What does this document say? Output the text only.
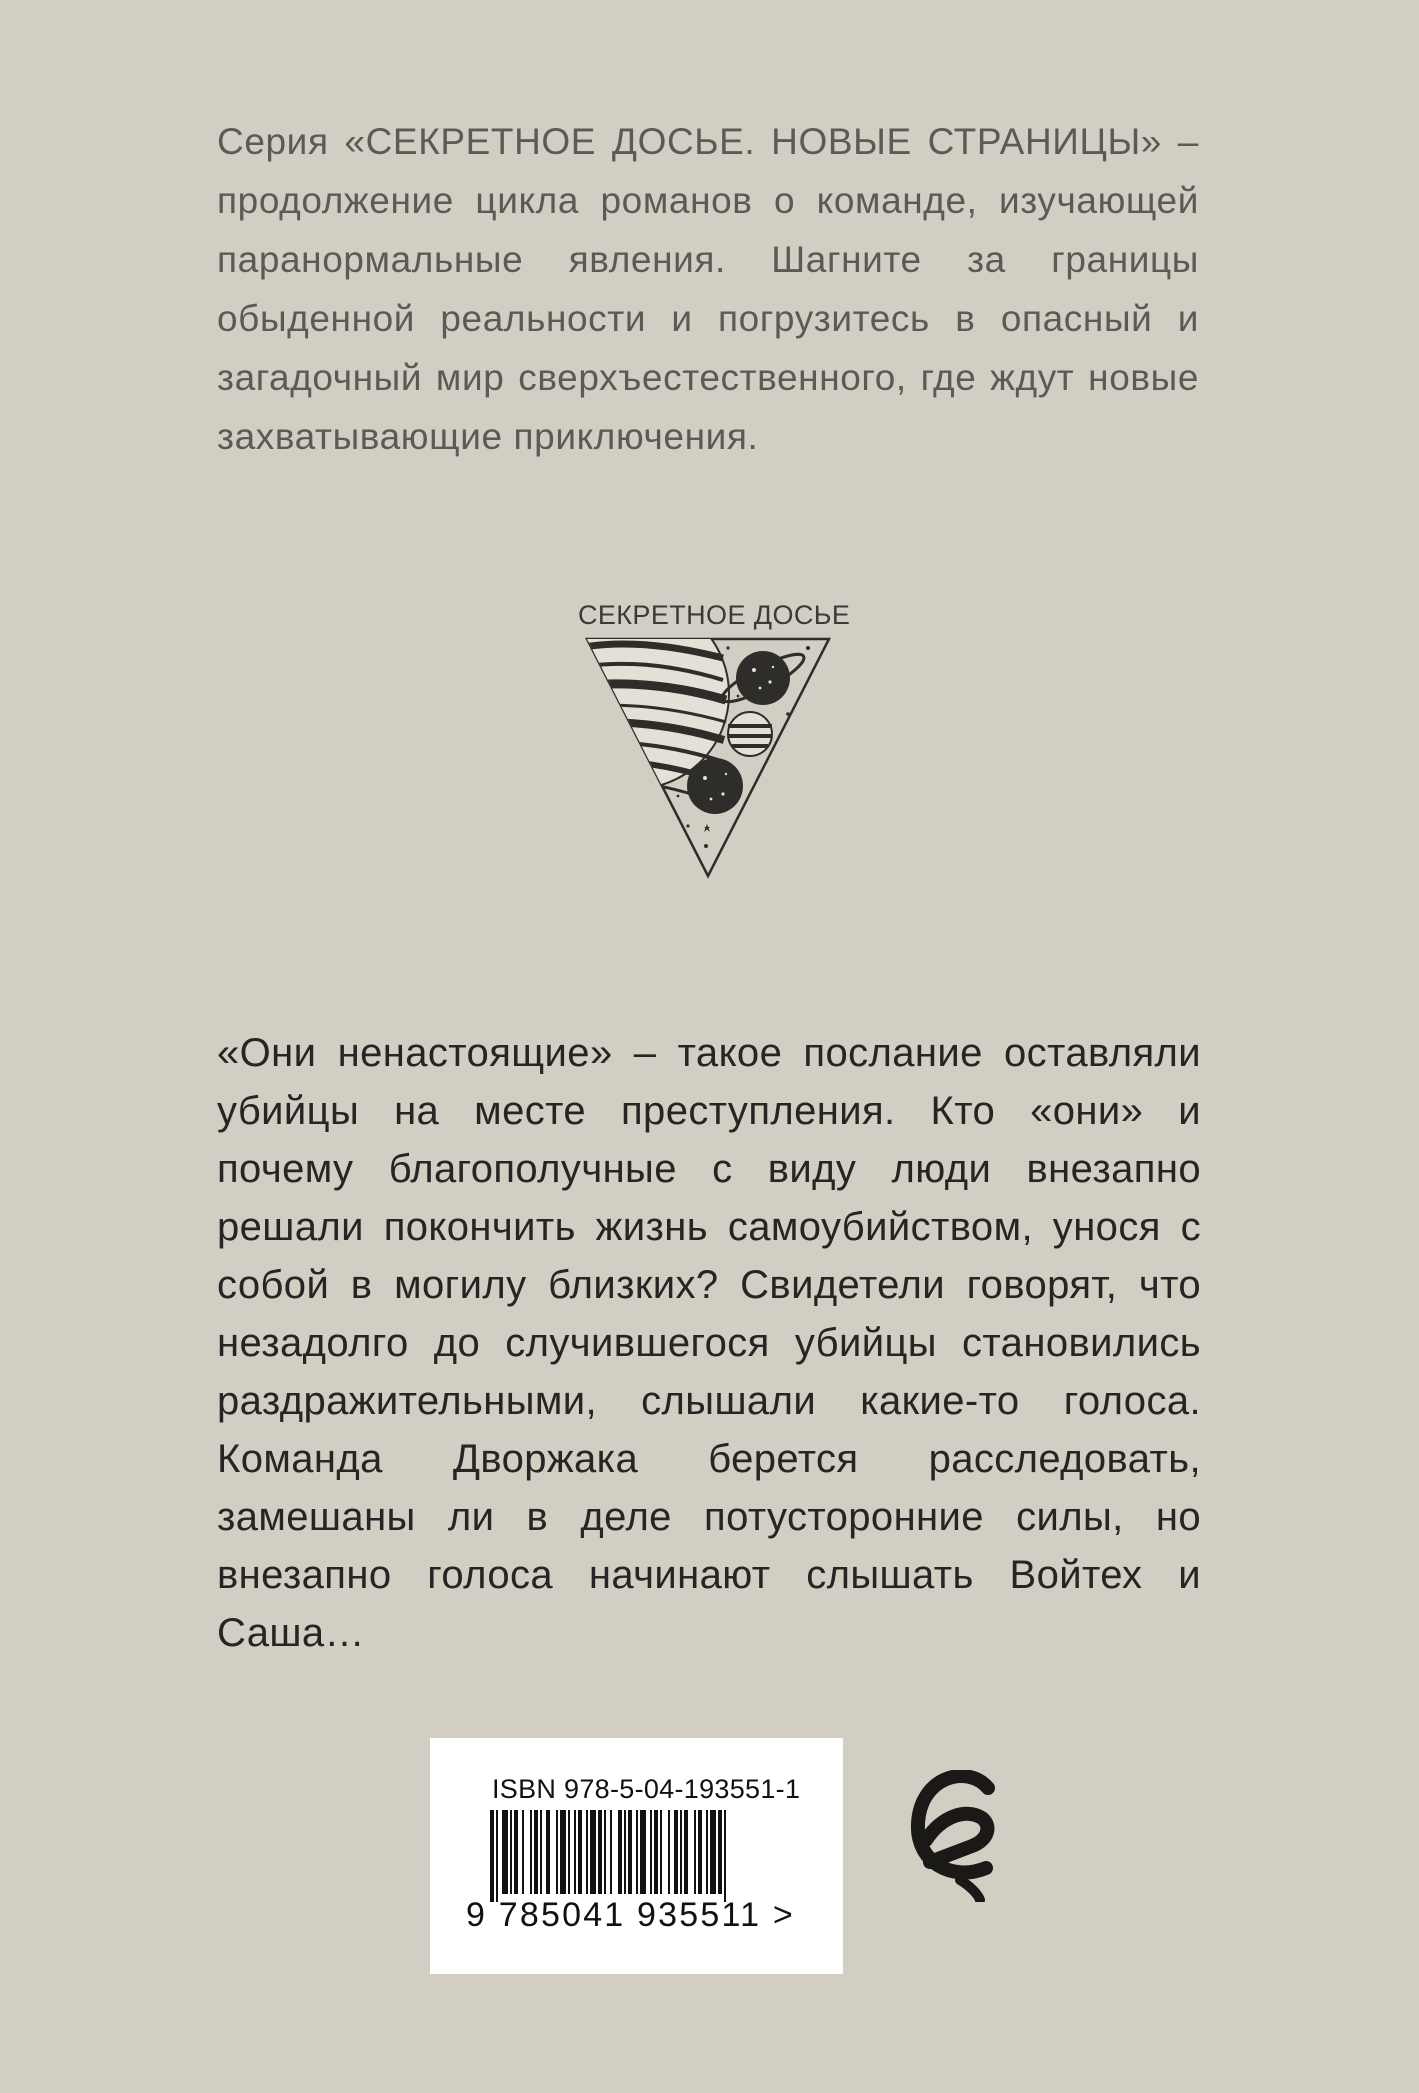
Серия «СЕКРЕТНОЕ ДОСЬЕ. НОВЫЕ СТРАНИЦЫ» – продолжение цикла романов о команде, изучающей паранормальные явления. Шагните за границы обыденной реальности и погрузитесь в опасный и загадочный мир сверхъестественного, где ждут новые захватывающие приключения.
СЕКРЕТНОЕ ДОСЬЕ

«Они ненастоящие» – такое послание оставляли убийцы на месте преступления. Кто «они» и почему благополучные с виду люди внезапно решали покончить жизнь самоубийством, унося с собой в могилу близких? Свидетели говорят, что незадолго до случившегося убийцы становились раздражительными, слышали какие-то голоса. Команда Дворжака берется расследовать, замешаны ли в деле потусторонние силы, но внезапно голоса начинают слышать Войтех и Саша…

ISBN 978-5-04-193551-1
9 785041 935511 >
